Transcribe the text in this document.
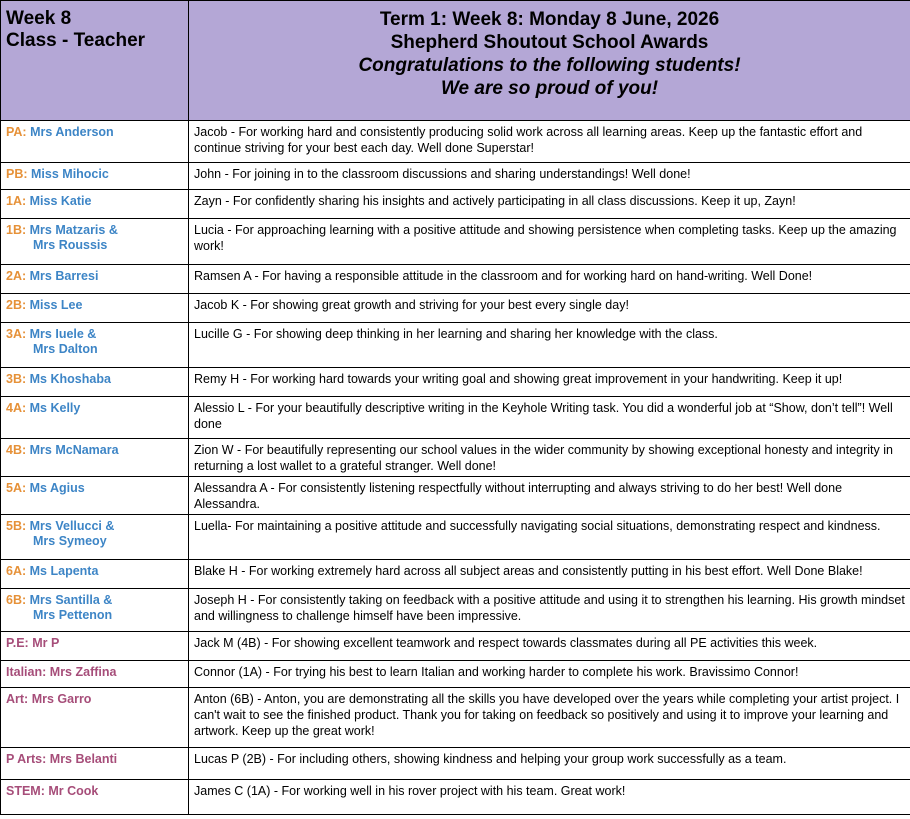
Week 8
Class - Teacher	Term 1: Week 8: Monday 8 June, 2026
Shepherd Shoutout School Awards
Congratulations to the following students!
We are so proud of you!

PA: Mrs Anderson	Jacob - For working hard and consistently producing solid work across all learning areas. Keep up the fantastic effort and continue striving for your best each day. Well done Superstar!
PB: Miss Mihocic	John - For joining in to the classroom discussions and sharing understandings! Well done!
1A: Miss Katie	Zayn - For confidently sharing his insights and actively participating in all class discussions. Keep it up, Zayn!
1B: Mrs Matzaris &
Mrs Roussis	Lucia - For approaching learning with a positive attitude and showing persistence when completing tasks. Keep up the amazing work!
2A: Mrs Barresi	Ramsen A - For having a responsible attitude in the classroom and for working hard on hand-writing. Well Done!
2B: Miss Lee	Jacob K - For showing great growth and striving for your best every single day!
3A: Mrs Iuele &
Mrs Dalton	Lucille G - For showing deep thinking in her learning and sharing her knowledge with the class.
3B: Ms Khoshaba	Remy H - For working hard towards your writing goal and showing great improvement in your handwriting. Keep it up!
4A: Ms Kelly	Alessio L - For your beautifully descriptive writing in the Keyhole Writing task. You did a wonderful job at “Show, don’t tell”! Well done
4B: Mrs McNamara	Zion W - For beautifully representing our school values in the wider community by showing exceptional honesty and integrity in returning a lost wallet to a grateful stranger. Well done!
5A: Ms Agius	Alessandra A - For consistently listening respectfully without interrupting and always striving to do her best! Well done Alessandra.
5B: Mrs Vellucci &
Mrs Symeoy	Luella- For maintaining a positive attitude and successfully navigating social situations, demonstrating respect and kindness.
6A: Ms Lapenta	Blake H - For working extremely hard across all subject areas and consistently putting in his best effort. Well Done Blake!
6B: Mrs Santilla &
Mrs Pettenon	Joseph H - For consistently taking on feedback with a positive attitude and using it to strengthen his learning. His growth mindset and willingness to challenge himself have been impressive.
P.E: Mr P	Jack M (4B) - For showing excellent teamwork and respect towards classmates during all PE activities this week.
Italian: Mrs Zaffina	Connor (1A) - For trying his best to learn Italian and working harder to complete his work. Bravissimo Connor!
Art: Mrs Garro	Anton (6B) - Anton, you are demonstrating all the skills you have developed over the years while completing your artist project. I can't wait to see the finished product. Thank you for taking on feedback so positively and using it to improve your learning and artwork. Keep up the great work!
P Arts: Mrs Belanti	Lucas P (2B) - For including others, showing kindness and helping your group work successfully as a team.
STEM: Mr Cook	James C (1A) - For working well in his rover project with his team. Great work!
